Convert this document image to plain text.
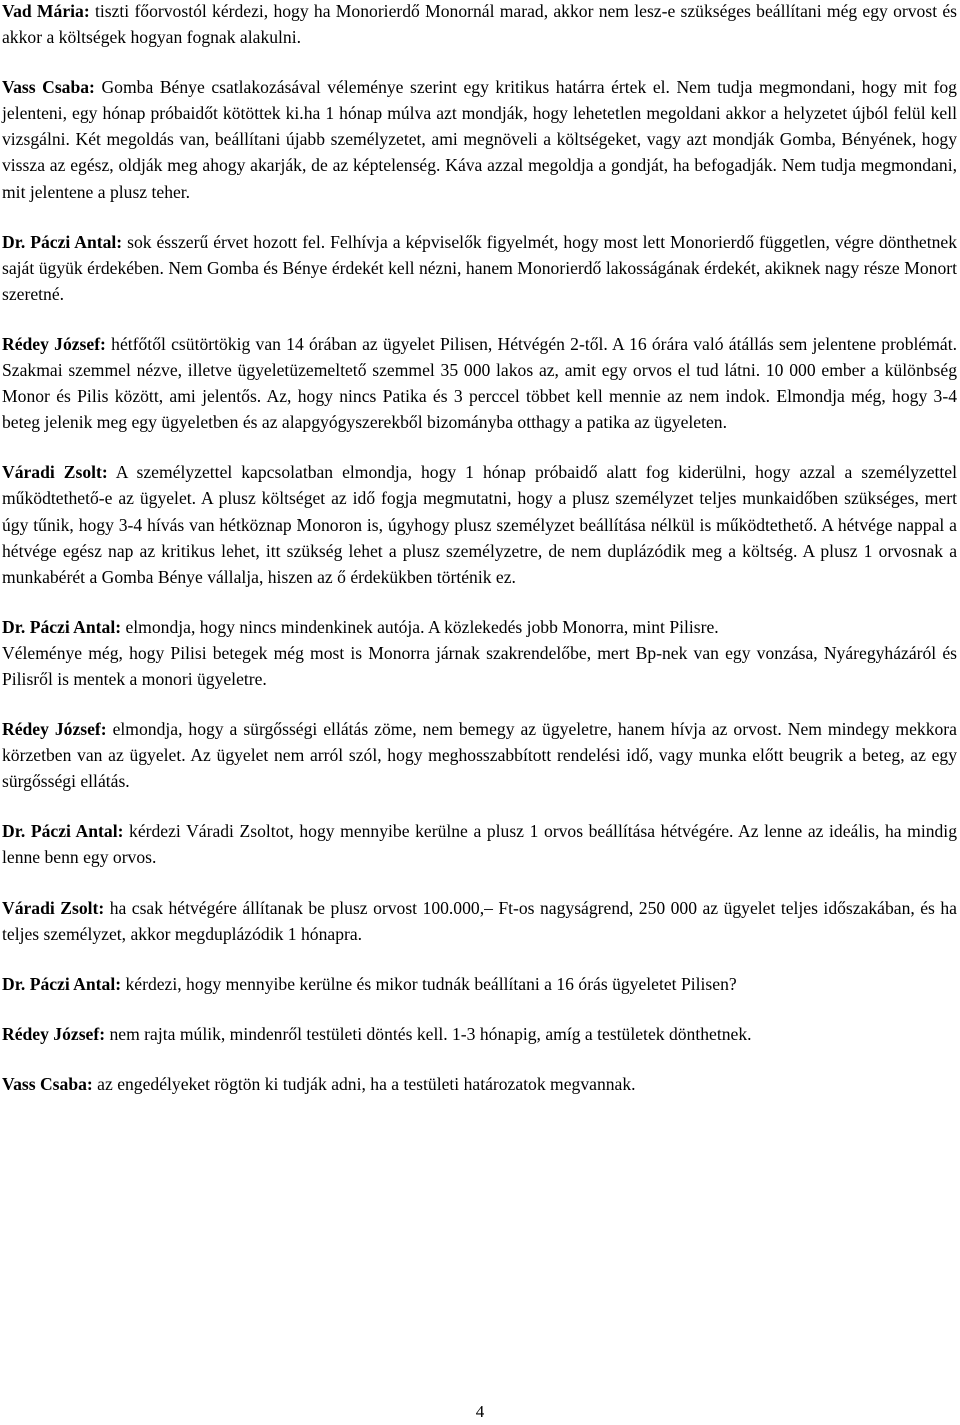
Vad Mária: tiszti főorvostól kérdezi, hogy ha Monorierdő Monornál marad, akkor nem lesz-e szükséges beállítani még egy orvost és akkor a költségek hogyan fognak alakulni.

Vass Csaba: Gomba Bénye csatlakozásával véleménye szerint egy kritikus határra értek el. Nem tudja megmondani, hogy mit fog jelenteni, egy hónap próbaidőt kötöttek ki.ha 1 hónap múlva azt mondják, hogy lehetetlen megoldani akkor a helyzetet újból felül kell vizsgálni. Két megoldás van, beállítani újabb személyzetet, ami megnöveli a költségeket, vagy azt mondják Gomba, Bényének, hogy vissza az egész, oldják meg ahogy akarják, de az képtelenség. Káva azzal megoldja a gondját, ha befogadják. Nem tudja megmondani, mit jelentene a plusz teher.

Dr. Páczi Antal: sok ésszerű érvet hozott fel. Felhívja a képviselők figyelmét, hogy most lett Monorierdő független, végre dönthetnek saját ügyük érdekében. Nem Gomba és Bénye érdekét kell nézni, hanem Monorierdő lakosságának érdekét, akiknek nagy része Monort szeretné.

Rédey József: hétfőtől csütörtökig van 14 órában az ügyelet Pilisen, Hétvégén 2-től. A 16 órára való átállás sem jelentene problémát. Szakmai szemmel nézve, illetve ügyeletüzemeltető szemmel 35 000 lakos az, amit egy orvos el tud látni. 10 000 ember a különbség Monor és Pilis között, ami jelentős. Az, hogy nincs Patika és 3 perccel többet kell mennie az nem indok. Elmondja még, hogy 3-4 beteg jelenik meg egy ügyeletben és az alapgyógyszerekből bizományba otthagy a patika az ügyeleten.

Váradi Zsolt: A személyzettel kapcsolatban elmondja, hogy 1 hónap próbaidő alatt fog kiderülni, hogy azzal a személyzettel működtethető-e az ügyelet. A plusz költséget az idő fogja megmutatni, hogy a plusz személyzet teljes munkaidőben szükséges, mert úgy tűnik, hogy 3-4 hívás van hétköznap Monoron is, úgyhogy plusz személyzet beállítása nélkül is működtethető. A hétvége nappal a hétvége egész nap az kritikus lehet, itt szükség lehet a plusz személyzetre, de nem duplázódik meg a költség. A plusz 1 orvosnak a munkabérét a Gomba Bénye vállalja, hiszen az ő érdekükben történik ez.

Dr. Páczi Antal: elmondja, hogy nincs mindenkinek autója. A közlekedés jobb Monorra, mint Pilisre.

Véleménye még, hogy Pilisi betegek még most is Monorra járnak szakrendelőbe, mert Bp-nek van egy vonzása, Nyáregyházáról és Pilisről is mentek a monori ügyeletre.

Rédey József: elmondja, hogy a sürgősségi ellátás zöme, nem bemegy az ügyeletre, hanem hívja az orvost. Nem mindegy mekkora körzetben van az ügyelet. Az ügyelet nem arról szól, hogy meghosszabbított rendelési idő, vagy munka előtt beugrik a beteg, az egy sürgősségi ellátás.

Dr. Páczi Antal: kérdezi Váradi Zsoltot, hogy mennyibe kerülne a plusz 1 orvos beállítása hétvégére. Az lenne az ideális, ha mindig lenne benn egy orvos.

Váradi Zsolt: ha csak hétvégére állítanak be plusz orvost 100.000,– Ft-os nagyságrend, 250 000 az ügyelet teljes időszakában, és ha teljes személyzet, akkor megduplázódik 1 hónapra.

Dr. Páczi Antal: kérdezi, hogy mennyibe kerülne és mikor tudnák beállítani a 16 órás ügyeletet Pilisen?

Rédey József: nem rajta múlik, mindenről testületi döntés kell. 1-3 hónapig, amíg a testületek dönthetnek.

Vass Csaba: az engedélyeket rögtön ki tudják adni, ha a testületi határozatok megvannak.

4
